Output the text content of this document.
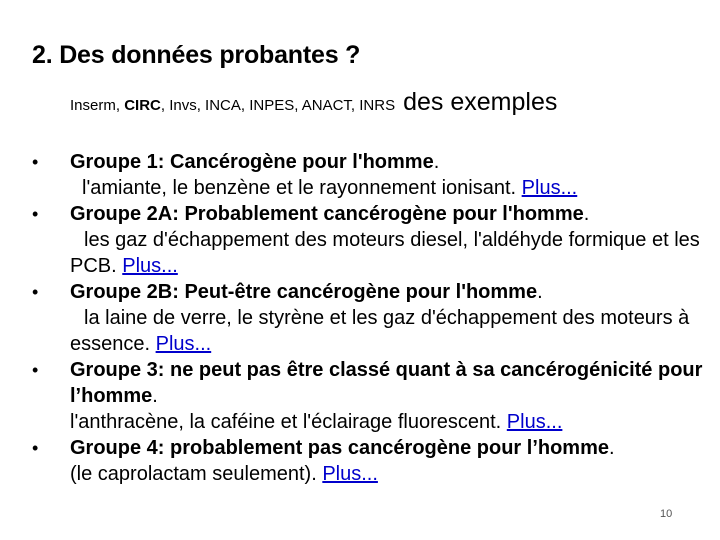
2. Des données probantes ?
Inserm, CIRC, Invs, INCA, INPES, ANACT, INRS des exemples
•	Groupe 1: Cancérogène pour l'homme.
l'amiante, le benzène et le rayonnement ionisant. Plus...
•	Groupe 2A: Probablement cancérogène pour l'homme.
les gaz d'échappement des moteurs diesel, l'aldéhyde formique et les PCB. Plus...
•	Groupe 2B: Peut-être cancérogène pour l'homme.
la laine de verre, le styrène et les gaz d'échappement des moteurs à essence. Plus...
•	Groupe 3: ne peut pas être classé quant à sa cancérogénicité pour l’homme.
l'anthracène, la caféine et l'éclairage fluorescent. Plus...
•	Groupe 4: probablement pas cancérogène pour l’homme.
(le caprolactam seulement). Plus...
10
